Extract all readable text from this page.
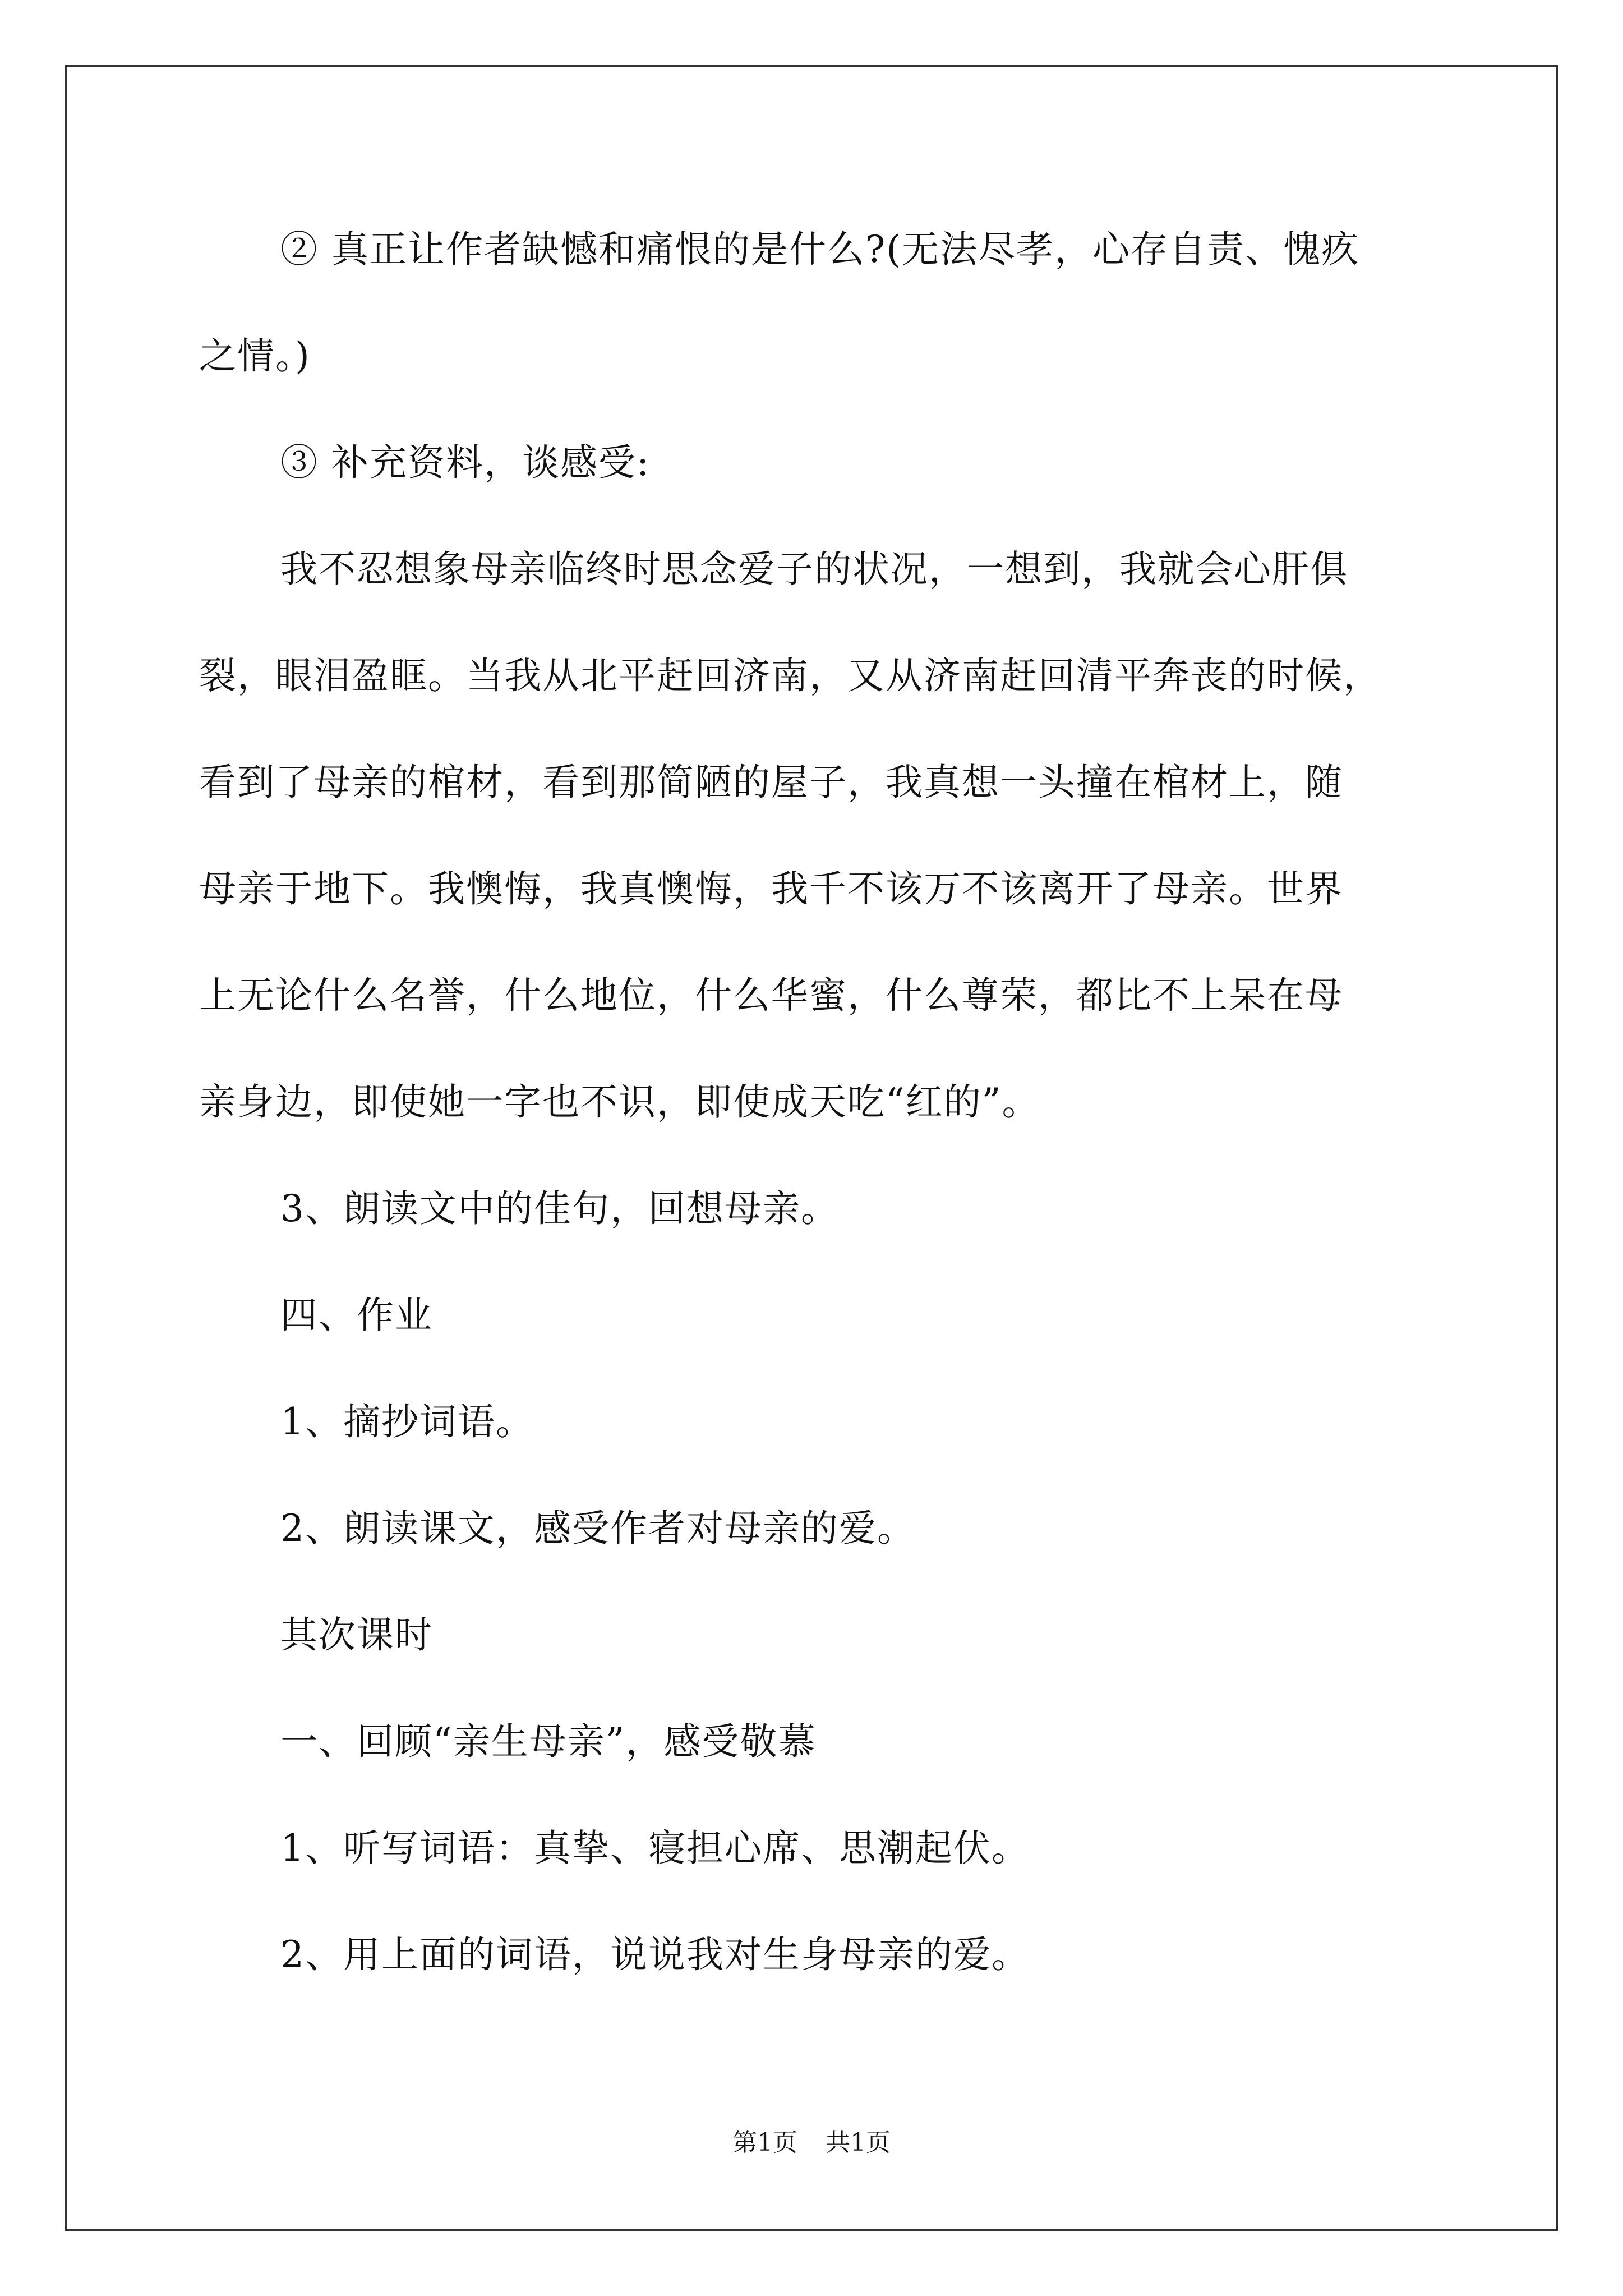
② 真正让作者缺憾和痛恨的是什么?(无法尽孝，心存自责、愧疚
之情。)
③ 补充资料，谈感受:
我不忍想象母亲临终时思念爱子的状况，一想到，我就会心肝俱
裂，眼泪盈眶。当我从北平赶回济南，又从济南赶回清平奔丧的时候，
看到了母亲的棺材，看到那简陋的屋子，我真想一头撞在棺材上，随
母亲于地下。我懊悔，我真懊悔，我千不该万不该离开了母亲。世界
上无论什么名誉，什么地位，什么华蜜，什么尊荣，都比不上呆在母
亲身边，即使她一字也不识，即使成天吃“红的”。
3、朗读文中的佳句，回想母亲。
四、作业
1、摘抄词语。
2、朗读课文，感受作者对母亲的爱。
其次课时
一、回顾“亲生母亲”，感受敬慕
1、听写词语：真挚、寝担心席、思潮起伏。
2、用上面的词语，说说我对生身母亲的爱。
第1页 共1页
